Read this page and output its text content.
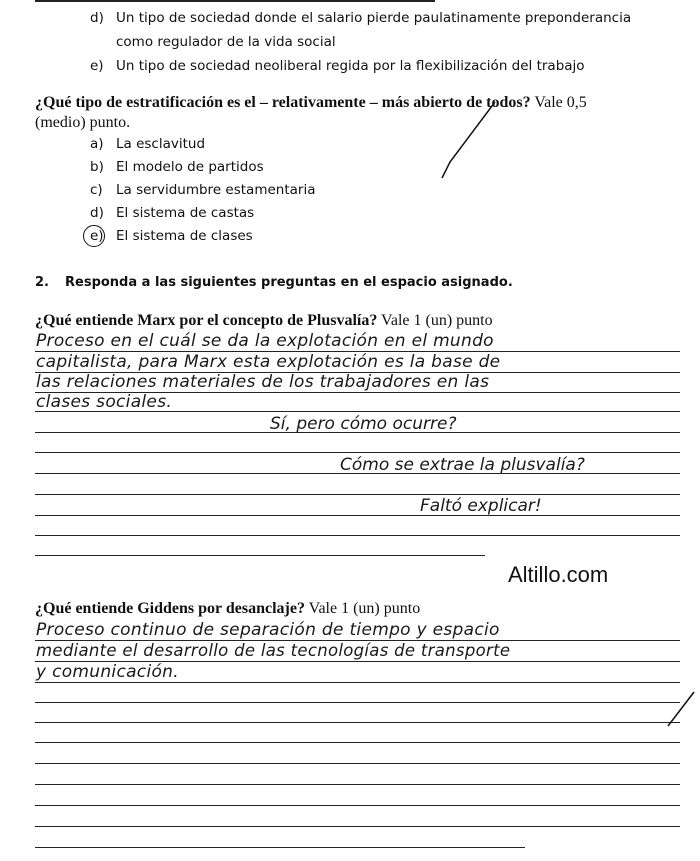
d) Un tipo de sociedad donde el salario pierde paulatinamente preponderancia
como regulador de la vida social
e) Un tipo de sociedad neoliberal regida por la flexibilización del trabajo
¿Qué tipo de estratificación es el – relativamente – más abierto de todos? Vale 0,5
(medio) punto.
a) La esclavitud
b) El modelo de partidos
c) La servidumbre estamentaria
d) El sistema de castas
e) El sistema de clases
2. Responda a las siguientes preguntas en el espacio asignado.
¿Qué entiende Marx por el concepto de Plusvalía? Vale 1 (un) punto
Proceso en el cuál se da la explotación en el mundo
capitalista, para Marx esta explotación es la base de
las relaciones materiales de los trabajadores en las
clases sociales.
Sí, pero cómo ocurre?
Cómo se extrae la plusvalía?
Faltó explicar!
Altillo.com
¿Qué entiende Giddens por desanclaje? Vale 1 (un) punto
Proceso continuo de separación de tiempo y espacio
mediante el desarrollo de las tecnologías de transporte
y comunicación.
